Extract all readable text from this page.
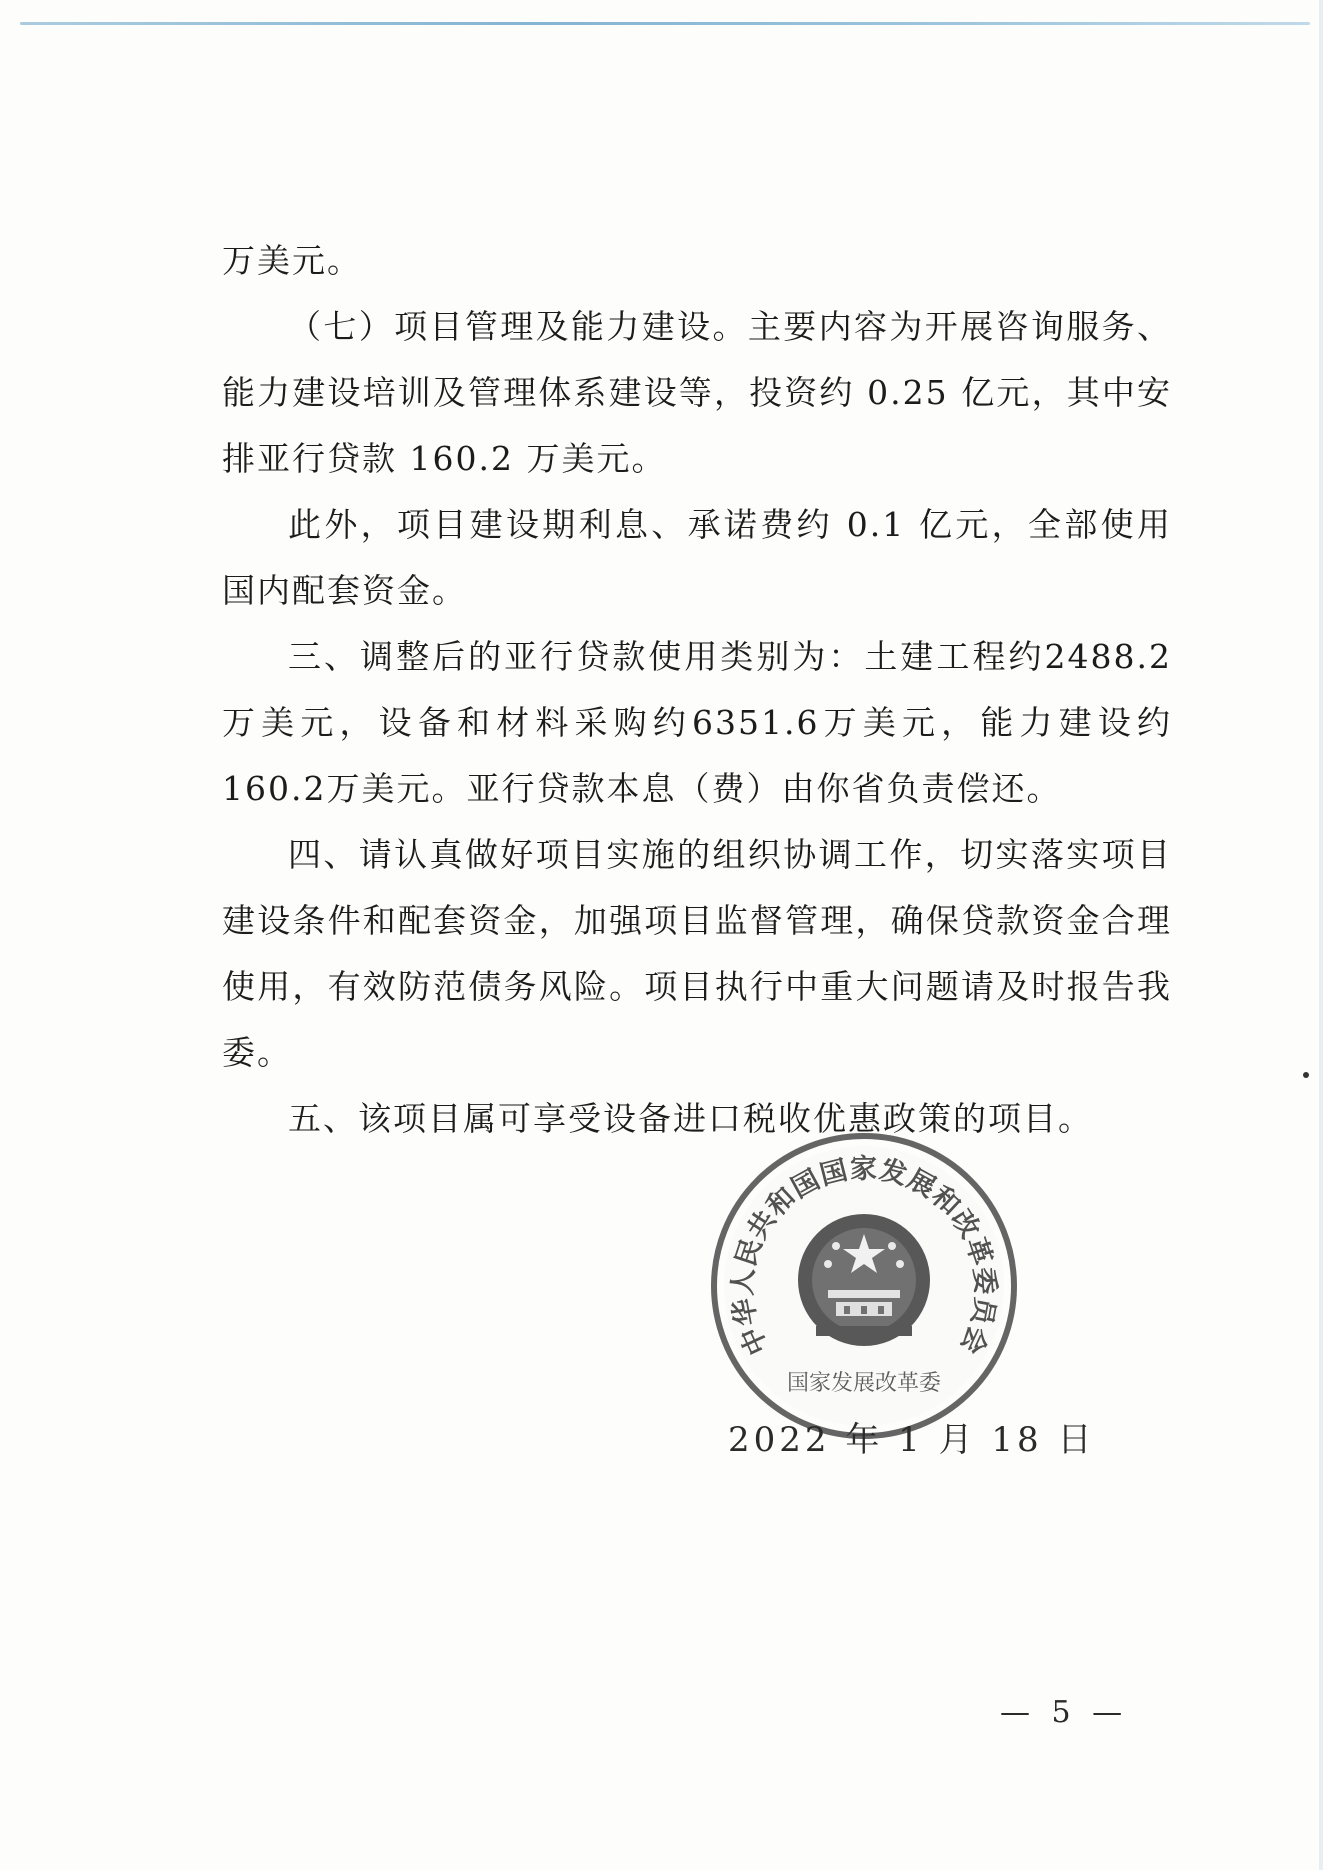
万美元。

（七）项目管理及能力建设。主要内容为开展咨询服务、能力建设培训及管理体系建设等，投资约 0.25 亿元，其中安排亚行贷款 160.2 万美元。

此外，项目建设期利息、承诺费约 0.1 亿元，全部使用国内配套资金。

三、调整后的亚行贷款使用类别为：土建工程约2488.2万美元，设备和材料采购约6351.6万美元，能力建设约160.2万美元。亚行贷款本息（费）由你省负责偿还。

四、请认真做好项目实施的组织协调工作，切实落实项目建设条件和配套资金，加强项目监督管理，确保贷款资金合理使用，有效防范债务风险。项目执行中重大问题请及时报告我委。

五、该项目属可享受设备进口税收优惠政策的项目。

中华人民共和国国家发展和改革委员会
国家发展改革委
2022 年 1 月 18 日
— 5 —
